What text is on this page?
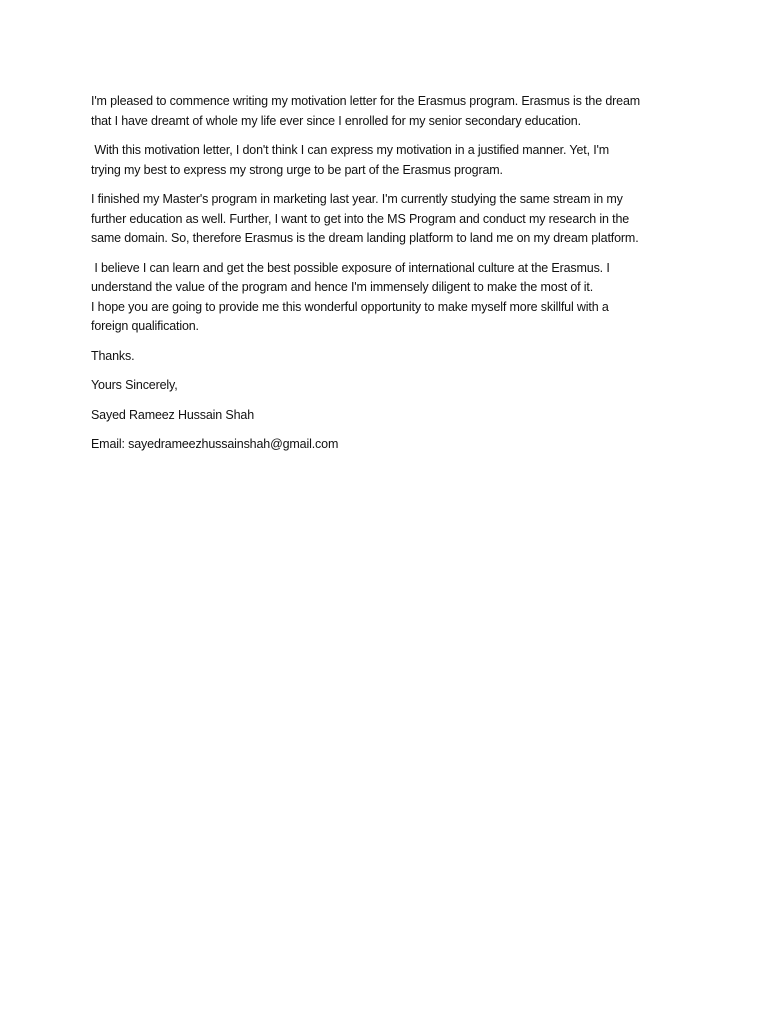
I'm pleased to commence writing my motivation letter for the Erasmus program. Erasmus is the dream
that I have dreamt of whole my life ever since I enrolled for my senior secondary education.

With this motivation letter, I don't think I can express my motivation in a justified manner. Yet, I'm
trying my best to express my strong urge to be part of the Erasmus program.

I finished my Master's program in marketing last year. I'm currently studying the same stream in my
further education as well. Further, I want to get into the MS Program and conduct my research in the
same domain. So, therefore Erasmus is the dream landing platform to land me on my dream platform.

I believe I can learn and get the best possible exposure of international culture at the Erasmus. I
understand the value of the program and hence I'm immensely diligent to make the most of it.
I hope you are going to provide me this wonderful opportunity to make myself more skillful with a
foreign qualification.

Thanks.

Yours Sincerely,

Sayed Rameez Hussain Shah

Email: sayedrameezhussainshah@gmail.com
